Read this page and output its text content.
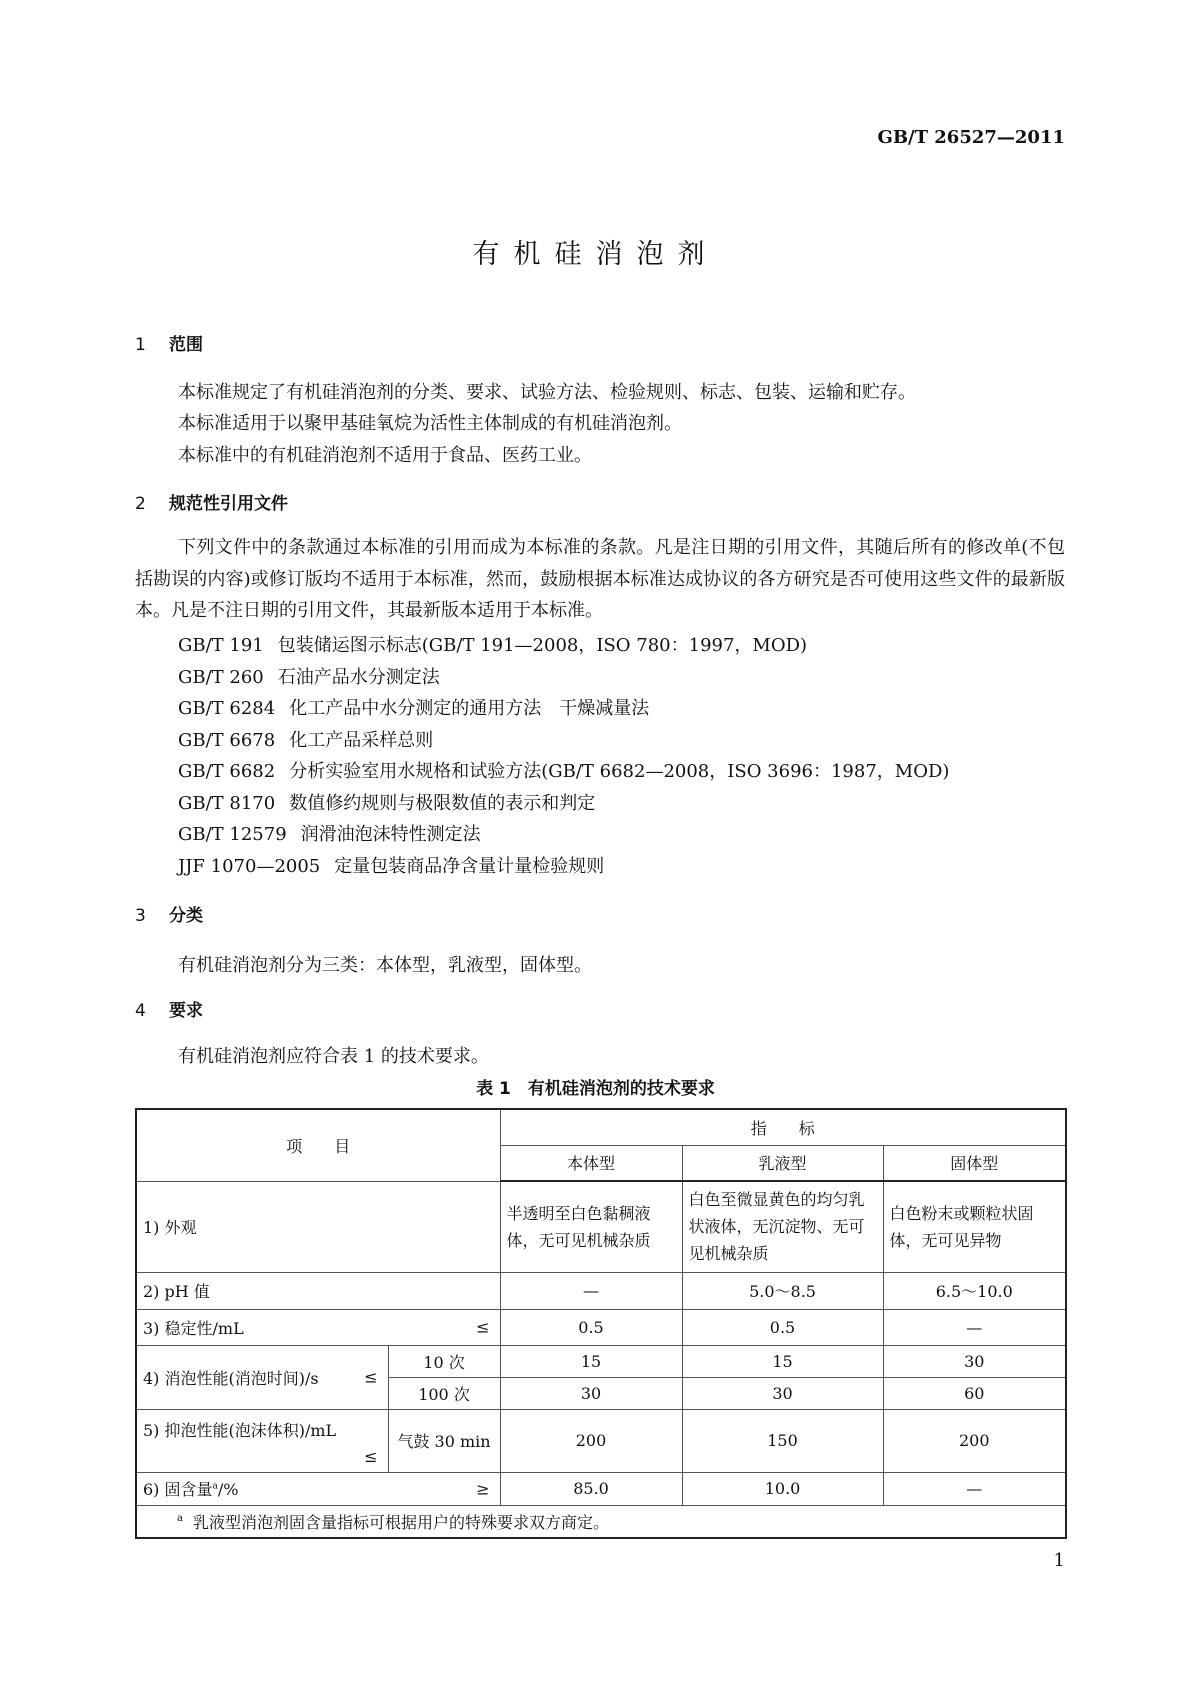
GB/T 26527—2011
有机硅消泡剂
1 范围
本标准规定了有机硅消泡剂的分类、要求、试验方法、检验规则、标志、包装、运输和贮存。
本标准适用于以聚甲基硅氧烷为活性主体制成的有机硅消泡剂。
本标准中的有机硅消泡剂不适用于食品、医药工业。
2 规范性引用文件
下列文件中的条款通过本标准的引用而成为本标准的条款。凡是注日期的引用文件，其随后所有的修改单(不包括勘误的内容)或修订版均不适用于本标准，然而，鼓励根据本标准达成协议的各方研究是否可使用这些文件的最新版本。凡是不注日期的引用文件，其最新版本适用于本标准。
GB/T 191 包装储运图示标志(GB/T 191—2008，ISO 780：1997，MOD)
GB/T 260 石油产品水分测定法
GB/T 6284 化工产品中水分测定的通用方法　干燥减量法
GB/T 6678 化工产品采样总则
GB/T 6682 分析实验室用水规格和试验方法(GB/T 6682—2008，ISO 3696：1987，MOD)
GB/T 8170 数值修约规则与极限数值的表示和判定
GB/T 12579 润滑油泡沫特性测定法
JJF 1070—2005 定量包装商品净含量计量检验规则
3 分类
有机硅消泡剂分为三类：本体型，乳液型，固体型。
4 要求
有机硅消泡剂应符合表 1 的技术要求。
表 1　有机硅消泡剂的技术要求
项　　目		指　　标		
		本体型	乳液型	固体型
1) 外观		半透明至白色黏稠液体，无可见机械杂质	白色至微显黄色的均匀乳状液体，无沉淀物、无可见机械杂质	白色粉末或颗粒状固体，无可见异物
2) pH 值		—	5.0～8.5	6.5～10.0
3) 稳定性/mL ≤		0.5	0.5	—
4) 消泡性能(消泡时间)/s ≤	10 次	15	15	30
	100 次	30	30	60
5) 抑泡性能(泡沫体积)/mL
≤	气鼓 30 min	200	150	200
6) 固含量$^a$/% ≥		85.0	10.0	—
$^a$ 乳液型消泡剂固含量指标可根据用户的特殊要求双方商定。				
1
